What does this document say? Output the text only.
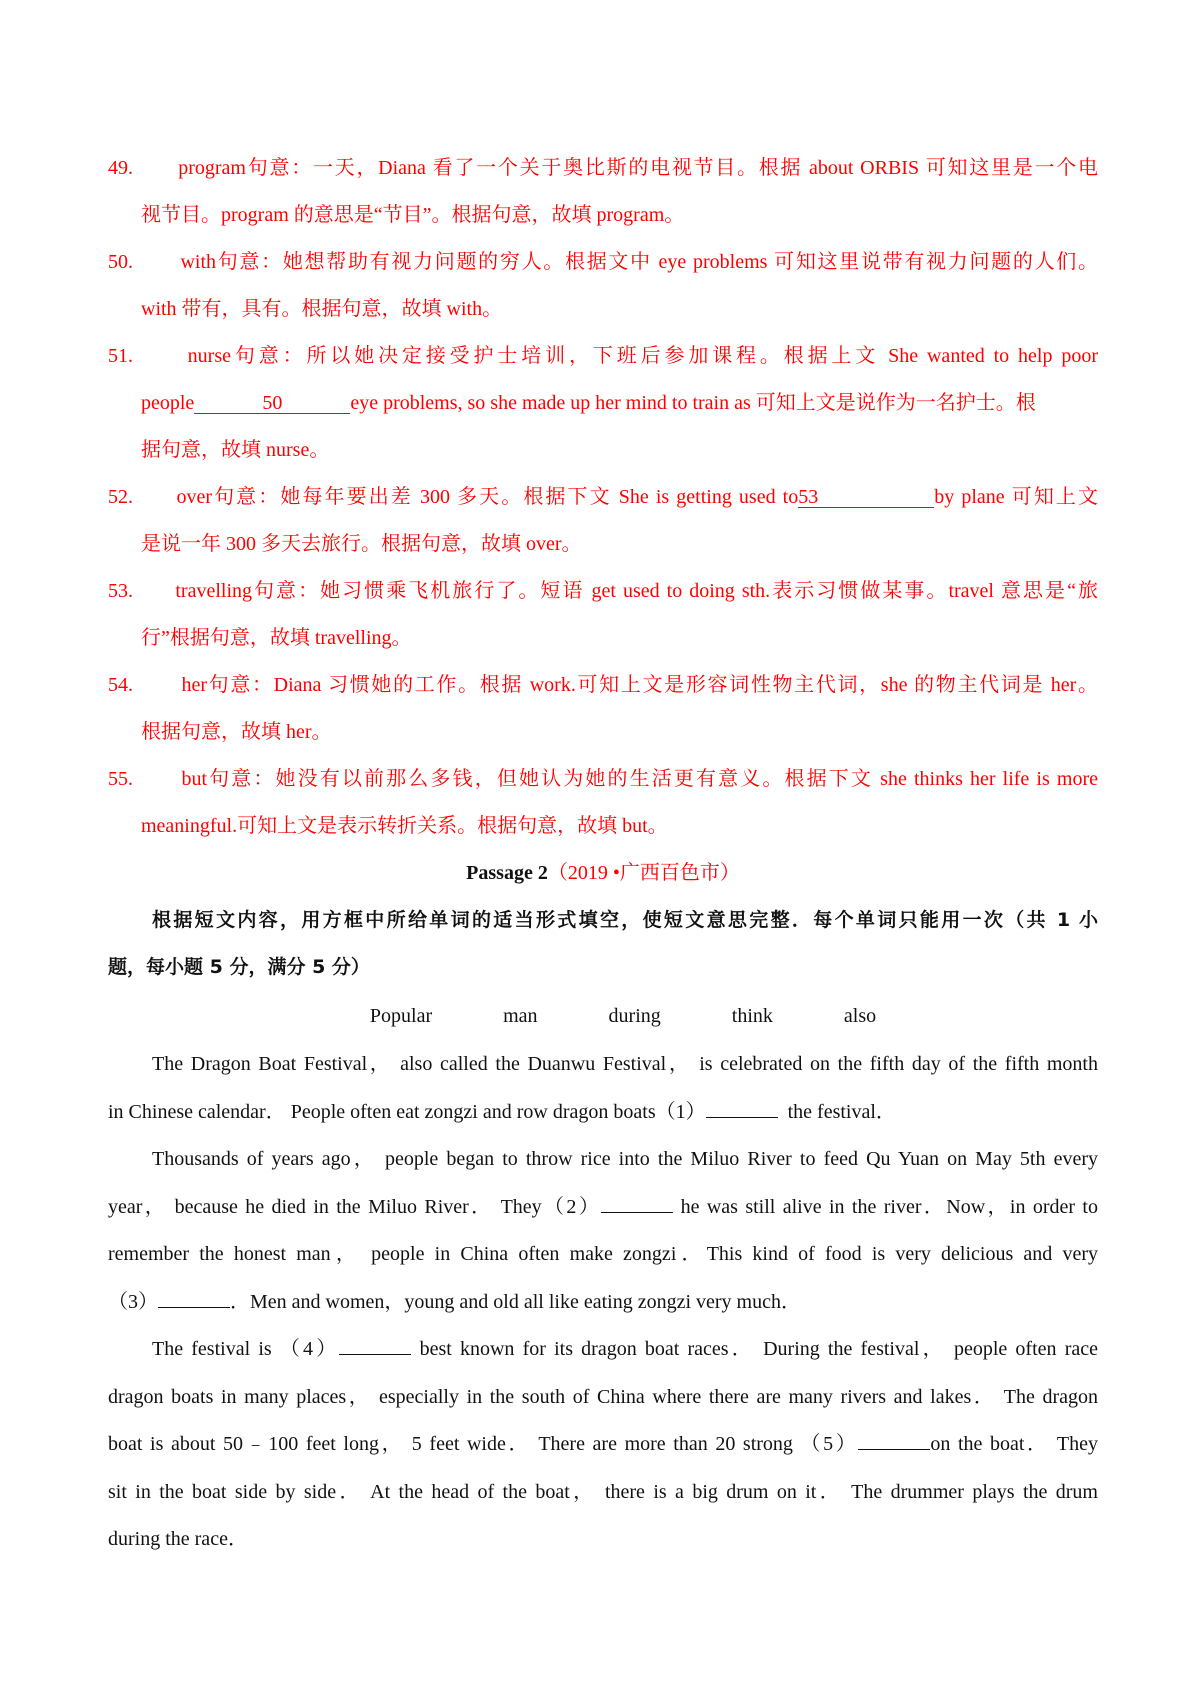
49. program句意：一天，Diana 看了一个关于奥比斯的电视节目。根据 about ORBIS 可知这里是一个电
视节目。program 的意思是“节目”。根据句意，故填 program。
50. with句意：她想帮助有视力问题的穷人。根据文中 eye problems 可知这里说带有视力问题的人们。
with 带有，具有。根据句意，故填 with。
51.	nurse句意：所以她决定接受护士培训，下班后参加课程。根据上文 She wanted to help poor
people	50	eye problems, so she made up her mind to train as 可知上文是说作为一名护士。根
据句意，故填 nurse。
52. over句意：她每年要出差 300 多天。根据下文 She is getting used to53	by plane 可知上文
是说一年 300 多天去旅行。根据句意，故填 over。
53. travelling句意：她习惯乘飞机旅行了。短语 get used to doing sth.表示习惯做某事。travel 意思是“旅
行”根据句意，故填 travelling。
54. her句意：Diana 习惯她的工作。根据 work.可知上文是形容词性物主代词，she 的物主代词是 her。
根据句意，故填 her。
55. but句意：她没有以前那么多钱，但她认为她的生活更有意义。根据下文 she thinks her life is more
meaningful.可知上文是表示转折关系。根据句意，故填 but。
Passage 2（2019 •广西百色市）
根据短文内容，用方框中所给单词的适当形式填空，使短文意思完整．每个单词只能用一次（共 1 小
题，每小题 5 分，满分 5 分）
Popular	man	during	think	also
The Dragon Boat Festival， also called the Duanwu Festival， is celebrated on the fifth day of the fifth month
in Chinese calendar． People often eat zongzi and row dragon boats（1）	the festival．
Thousands of years ago， people began to throw rice into the Miluo River to feed Qu Yuan on May 5th every
year， because he died in the Miluo River． They（2）	he was still alive in the river．Now，in order to
remember the honest man， people in China often make zongzi．This kind of food is very delicious and very
（3）	．Men and women，young and old all like eating zongzi very much．
The festival is （4）	best known for its dragon boat races． During the festival， people often race
dragon boats in many places， especially in the south of China where there are many rivers and lakes． The dragon
boat is about 50﹣100 feet long， 5 feet wide． There are more than 20 strong （5）	on the boat． They
sit in the boat side by side． At the head of the boat， there is a big drum on it． The drummer plays the drum
during the race．
